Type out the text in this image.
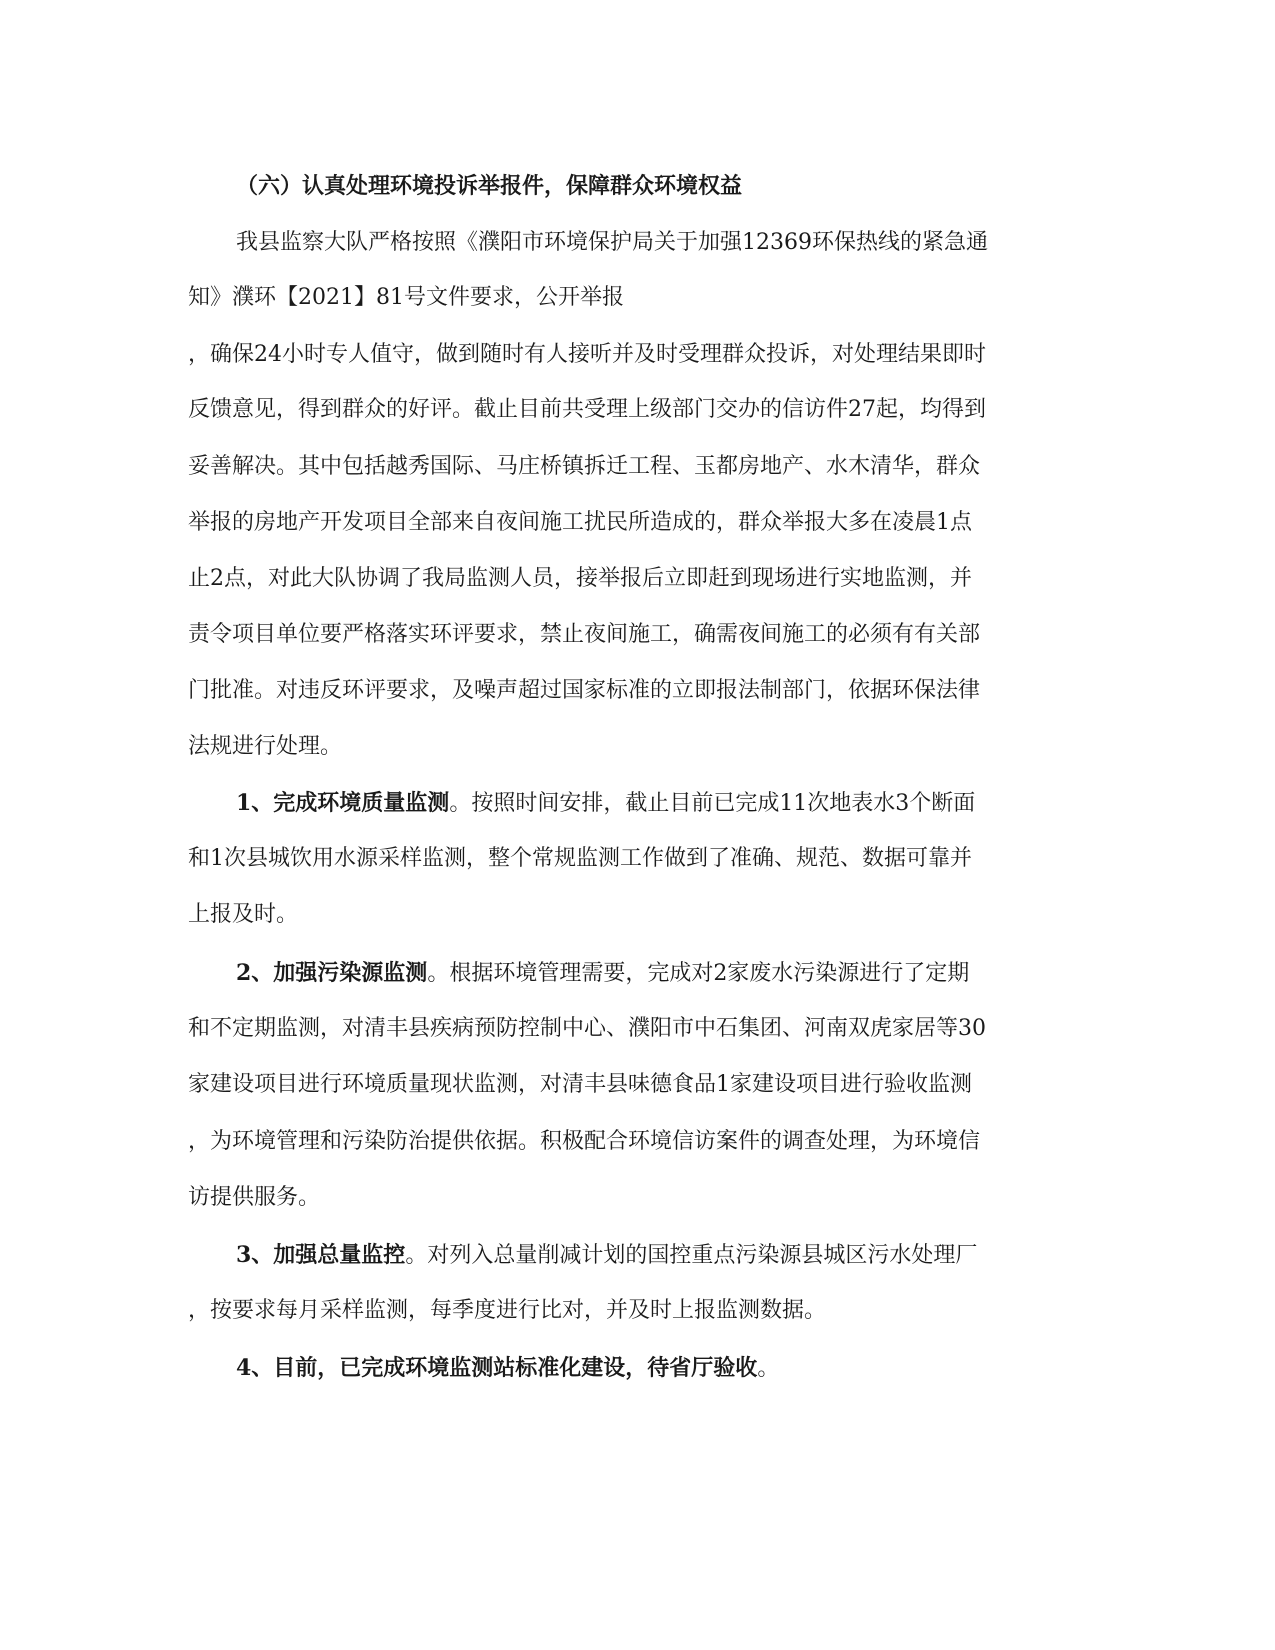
（六）认真处理环境投诉举报件，保障群众环境权益
我县监察大队严格按照《濮阳市环境保护局关于加强12369环保热线的紧急通
知》濮环【2021】81号文件要求，公开举报
，确保24小时专人值守，做到随时有人接听并及时受理群众投诉，对处理结果即时
反馈意见，得到群众的好评。截止目前共受理上级部门交办的信访件27起，均得到
妥善解决。其中包括越秀国际、马庄桥镇拆迁工程、玉都房地产、水木清华，群众
举报的房地产开发项目全部来自夜间施工扰民所造成的，群众举报大多在凌晨1点
止2点，对此大队协调了我局监测人员，接举报后立即赶到现场进行实地监测，并
责令项目单位要严格落实环评要求，禁止夜间施工，确需夜间施工的必须有有关部
门批准。对违反环评要求，及噪声超过国家标准的立即报法制部门，依据环保法律
法规进行处理。
1、完成环境质量监测。按照时间安排，截止目前已完成11次地表水3个断面
和1次县城饮用水源采样监测，整个常规监测工作做到了准确、规范、数据可靠并
上报及时。
2、加强污染源监测。根据环境管理需要，完成对2家废水污染源进行了定期
和不定期监测，对清丰县疾病预防控制中心、濮阳市中石集团、河南双虎家居等30
家建设项目进行环境质量现状监测，对清丰县味德食品1家建设项目进行验收监测
，为环境管理和污染防治提供依据。积极配合环境信访案件的调查处理，为环境信
访提供服务。
3、加强总量监控。对列入总量削减计划的国控重点污染源县城区污水处理厂
，按要求每月采样监测，每季度进行比对，并及时上报监测数据。
4、目前，已完成环境监测站标准化建设，待省厅验收。
